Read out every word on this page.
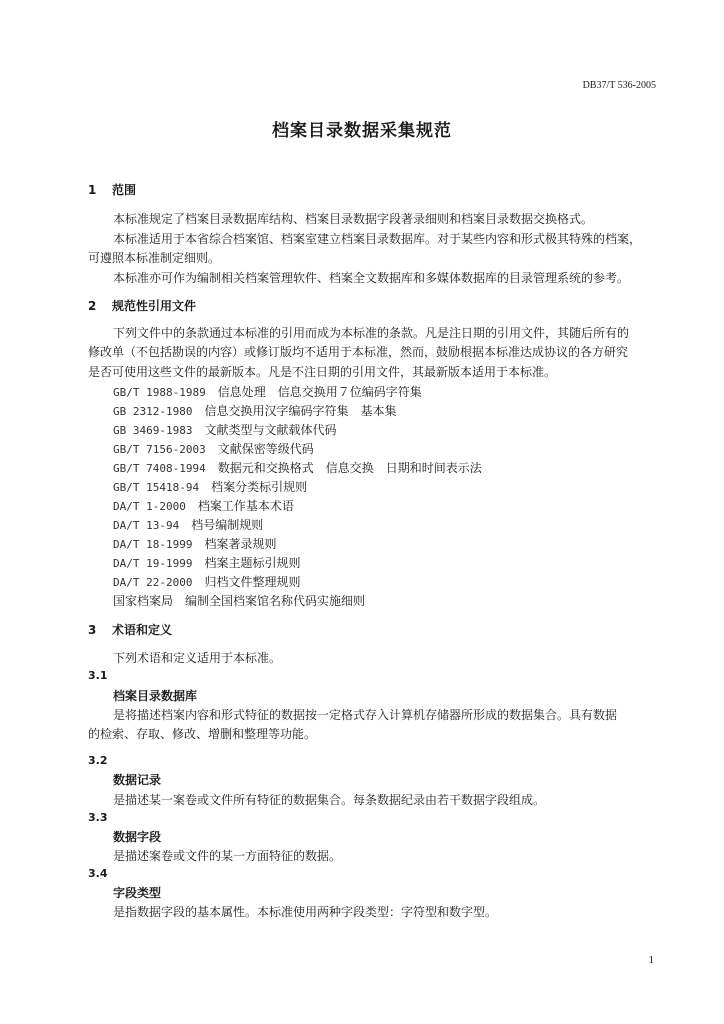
DB37/T 536-2005
档案目录数据采集规范
1 范围
本标准规定了档案目录数据库结构、档案目录数据字段著录细则和档案目录数据交换格式。
本标准适用于本省综合档案馆、档案室建立档案目录数据库。对于某些内容和形式极其特殊的档案，
可遵照本标准制定细则。
本标准亦可作为编制相关档案管理软件、档案全文数据库和多媒体数据库的目录管理系统的参考。
2 规范性引用文件
下列文件中的条款通过本标准的引用而成为本标准的条款。凡是注日期的引用文件，其随后所有的
修改单（不包括勘误的内容）或修订版均不适用于本标准，然而，鼓励根据本标准达成协议的各方研究
是否可使用这些文件的最新版本。凡是不注日期的引用文件，其最新版本适用于本标准。
GB/T 1988-1989　 信息处理　信息交换用７位编码字符集
GB 2312-1980　 信息交换用汉字编码字符集　基本集
GB 3469-1983　 文献类型与文献载体代码
GB/T 7156-2003　 文献保密等级代码
GB/T 7408-1994　 数据元和交换格式　信息交换　日期和时间表示法
GB/T 15418-94　 档案分类标引规则
DA/T 1-2000　 档案工作基本术语
DA/T 13-94　 档号编制规则
DA/T 18-1999　 档案著录规则
DA/T 19-1999　 档案主题标引规则
DA/T 22-2000　 归档文件整理规则
国家档案局　 编制全国档案馆名称代码实施细则
3 术语和定义
下列术语和定义适用于本标准。
3.1
档案目录数据库
是将描述档案内容和形式特征的数据按一定格式存入计算机存储器所形成的数据集合。具有数据
的检索、存取、修改、增删和整理等功能。
3.2
数据记录
是描述某一案卷或文件所有特征的数据集合。每条数据纪录由若干数据字段组成。
3.3
数据字段
是描述案卷或文件的某一方面特征的数据。
3.4
字段类型
是指数据字段的基本属性。本标准使用两种字段类型：字符型和数字型。
1
